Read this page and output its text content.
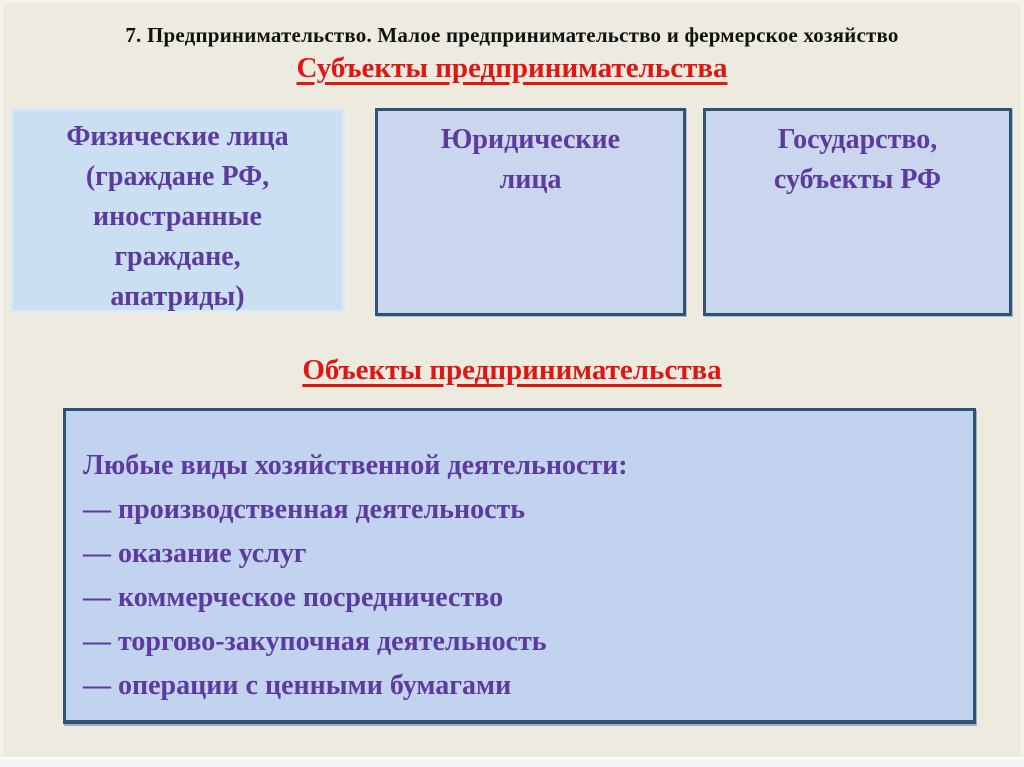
7. Предпринимательство. Малое предпринимательство и фермерское хозяйство
Субъекты предпринимательства
Физические лица
(граждане РФ,
иностранные
граждане,
апатриды)
Юридические
лица
Государство,
субъекты РФ
Объекты предпринимательства
Любые виды хозяйственной деятельности:
— производственная деятельность
— оказание услуг
— коммерческое посредничество
— торгово-закупочная деятельность
— операции с ценными бумагами
